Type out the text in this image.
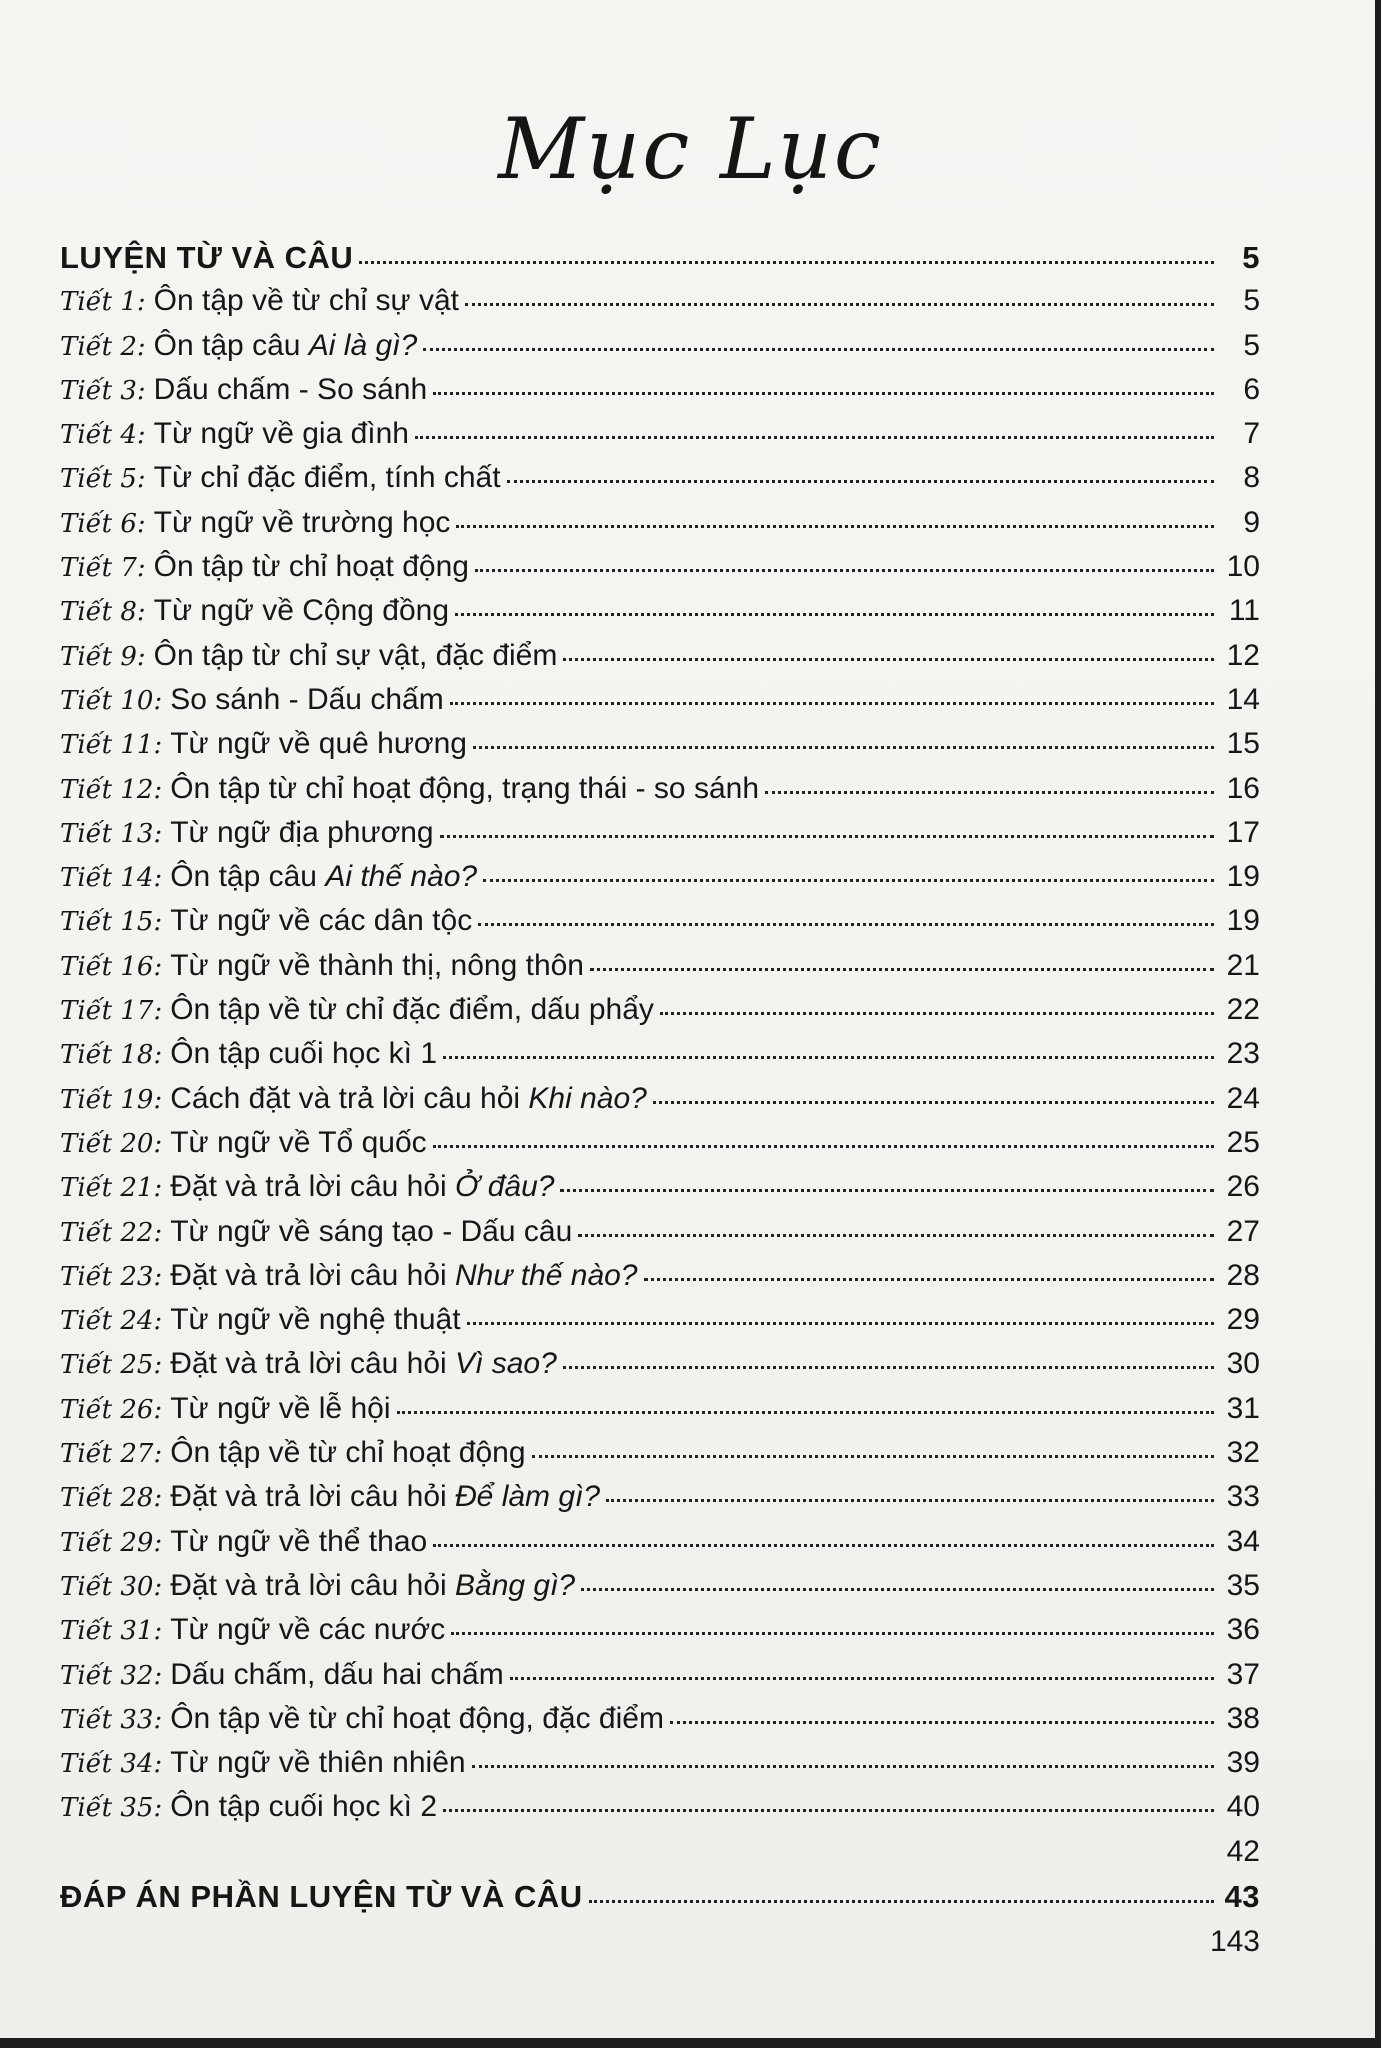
Mục Lục
LUYỆN TỪ VÀ CÂU	5
Tiết 1: Ôn tập về từ chỉ sự vật	5
Tiết 2: Ôn tập câu Ai là gì?	5
Tiết 3: Dấu chấm - So sánh	6
Tiết 4: Từ ngữ về gia đình	7
Tiết 5: Từ chỉ đặc điểm, tính chất	8
Tiết 6: Từ ngữ về trường học	9
Tiết 7: Ôn tập từ chỉ hoạt động	10
Tiết 8: Từ ngữ về Cộng đồng	11
Tiết 9: Ôn tập từ chỉ sự vật, đặc điểm	12
Tiết 10: So sánh - Dấu chấm	14
Tiết 11: Từ ngữ về quê hương	15
Tiết 12: Ôn tập từ chỉ hoạt động, trạng thái - so sánh	16
Tiết 13: Từ ngữ địa phương	17
Tiết 14: Ôn tập câu Ai thế nào?	19
Tiết 15: Từ ngữ về các dân tộc	19
Tiết 16: Từ ngữ về thành thị, nông thôn	21
Tiết 17: Ôn tập về từ chỉ đặc điểm, dấu phẩy	22
Tiết 18: Ôn tập cuối học kì 1	23
Tiết 19: Cách đặt và trả lời câu hỏi Khi nào?	24
Tiết 20: Từ ngữ về Tổ quốc	25
Tiết 21: Đặt và trả lời câu hỏi Ở đâu?	26
Tiết 22: Từ ngữ về sáng tạo - Dấu câu	27
Tiết 23: Đặt và trả lời câu hỏi Như thế nào?	28
Tiết 24: Từ ngữ về nghệ thuật	29
Tiết 25: Đặt và trả lời câu hỏi Vì sao?	30
Tiết 26: Từ ngữ về lễ hội	31
Tiết 27: Ôn tập về từ chỉ hoạt động	32
Tiết 28: Đặt và trả lời câu hỏi Để làm gì?	33
Tiết 29: Từ ngữ về thể thao	34
Tiết 30: Đặt và trả lời câu hỏi Bằng gì?	35
Tiết 31: Từ ngữ về các nước	36
Tiết 32: Dấu chấm, dấu hai chấm	37
Tiết 33: Ôn tập về từ chỉ hoạt động, đặc điểm	38
Tiết 34: Từ ngữ về thiên nhiên	39
Tiết 35: Ôn tập cuối học kì 2	40
42
ĐÁP ÁN PHẦN LUYỆN TỪ VÀ CÂU	43
143
